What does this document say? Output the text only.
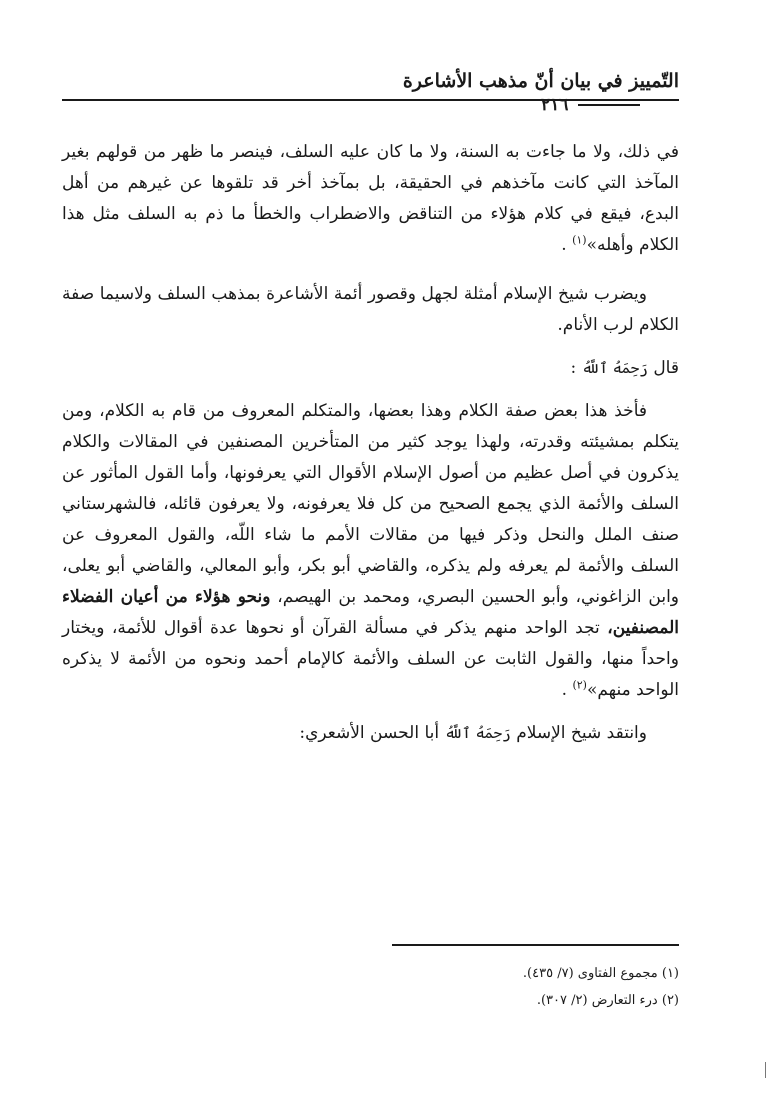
التّمييز في بيان أنّ مذهب الأشاعرة
٢١٦

في ذلك، ولا ما جاءت به السنة، ولا ما كان عليه السلف، فينصر ما ظهر من قولهم بغير المآخذ التي كانت مآخذهم في الحقيقة، بل بمآخذ أخر قد تلقوها عن غيرهم من أهل البدع، فيقع في كلام هؤلاء من التناقض والاضطراب والخطأ ما ذم به السلف مثل هذا الكلام وأهله»$^{(١)}$ .

ويضرب شيخ الإسلام أمثلة لجهل وقصور أئمة الأشاعرة بمذهب السلف ولاسيما صفة الكلام لرب الأنام.

قال رَحِمَهُ ٱللَّهُ :

فأخذ هذا بعض صفة الكلام وهذا بعضها، والمتكلم المعروف من قام به الكلام، ومن يتكلم بمشيئته وقدرته، ولهذا يوجد كثير من المتأخرين المصنفين في المقالات والكلام يذكرون في أصل عظيم من أصول الإسلام الأقوال التي يعرفونها، وأما القول المأثور عن السلف والأئمة الذي يجمع الصحيح من كل فلا يعرفونه، ولا يعرفون قائله، فالشهرستاني صنف الملل والنحل وذكر فيها من مقالات الأمم ما شاء اللّه، والقول المعروف عن السلف والأئمة لم يعرفه ولم يذكره، والقاضي أبو بكر، وأبو المعالي، والقاضي أبو يعلى، وابن الزاغوني، وأبو الحسين البصري، ومحمد بن الهيصم، ونحو هؤلاء من أعيان الفضلاء المصنفين، تجد الواحد منهم يذكر في مسألة القرآن أو نحوها عدة أقوال للأئمة، ويختار واحداً منها، والقول الثابت عن السلف والأئمة كالإمام أحمد ونحوه من الأئمة لا يذكره الواحد منهم»$^{(٢)}$ .

وانتقد شيخ الإسلام رَحِمَهُ ٱللَّهُ أبا الحسن الأشعري:

(١) مجموع الفتاوى (٧/ ٤٣٥).

(٢) درء التعارض (٢/ ٣٠٧).
